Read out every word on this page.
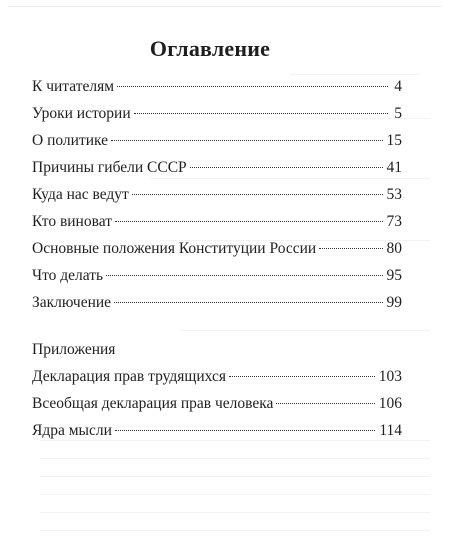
Оглавление
К читателям	4
Уроки истории	5
О политике	15
Причины гибели СССР	41
Куда нас ведут	53
Кто виноват	73
Основные положения Конституции России	80
Что делать	95
Заключение	99
Приложения
Декларация прав трудящихся	103
Всеобщая декларация прав человека	106
Ядра мысли	114
